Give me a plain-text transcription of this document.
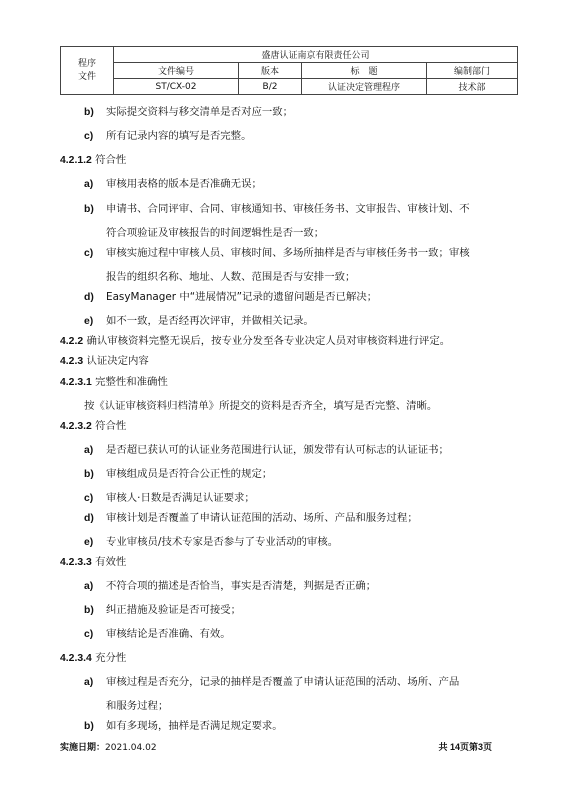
程序
文件	盛唐认证南京有限责任公司			
	文件编号	版本	标　题	编制部门
	ST/CX-02	B/2	认证决定管理程序	技术部
b) 实际提交资料与移交清单是否对应一致；
c) 所有记录内容的填写是否完整。
4.2.1.2 符合性
a) 审核用表格的版本是否准确无误；
b) 申请书、合同评审、合同、审核通知书、审核任务书、文审报告、审核计划、不
符合项验证及审核报告的时间逻辑性是否一致；
c) 审核实施过程中审核人员、审核时间、多场所抽样是否与审核任务书一致；审核
报告的组织名称、地址、人数、范围是否与安排一致；
d) EasyManager 中“进展情况”记录的遗留问题是否已解决；
e) 如不一致，是否经再次评审，并做相关记录。
4.2.2 确认审核资料完整无误后，按专业分发至各专业决定人员对审核资料进行评定。
4.2.3 认证决定内容
4.2.3.1 完整性和准确性
按《认证审核资料归档清单》所提交的资料是否齐全，填写是否完整、清晰。
4.2.3.2 符合性
a) 是否超已获认可的认证业务范围进行认证，颁发带有认可标志的认证证书；
b) 审核组成员是否符合公正性的规定；
c) 审核人·日数是否满足认证要求；
d) 审核计划是否覆盖了申请认证范围的活动、场所、产品和服务过程；
e) 专业审核员/技术专家是否参与了专业活动的审核。
4.2.3.3 有效性
a) 不符合项的描述是否恰当，事实是否清楚，判据是否正确；
b) 纠正措施及验证是否可接受；
c) 审核结论是否准确、有效。
4.2.3.4 充分性
a) 审核过程是否充分，记录的抽样是否覆盖了申请认证范围的活动、场所、产品
和服务过程；
b) 如有多现场，抽样是否满足规定要求。
实施日期：2021.04.02	共 14页第3页
